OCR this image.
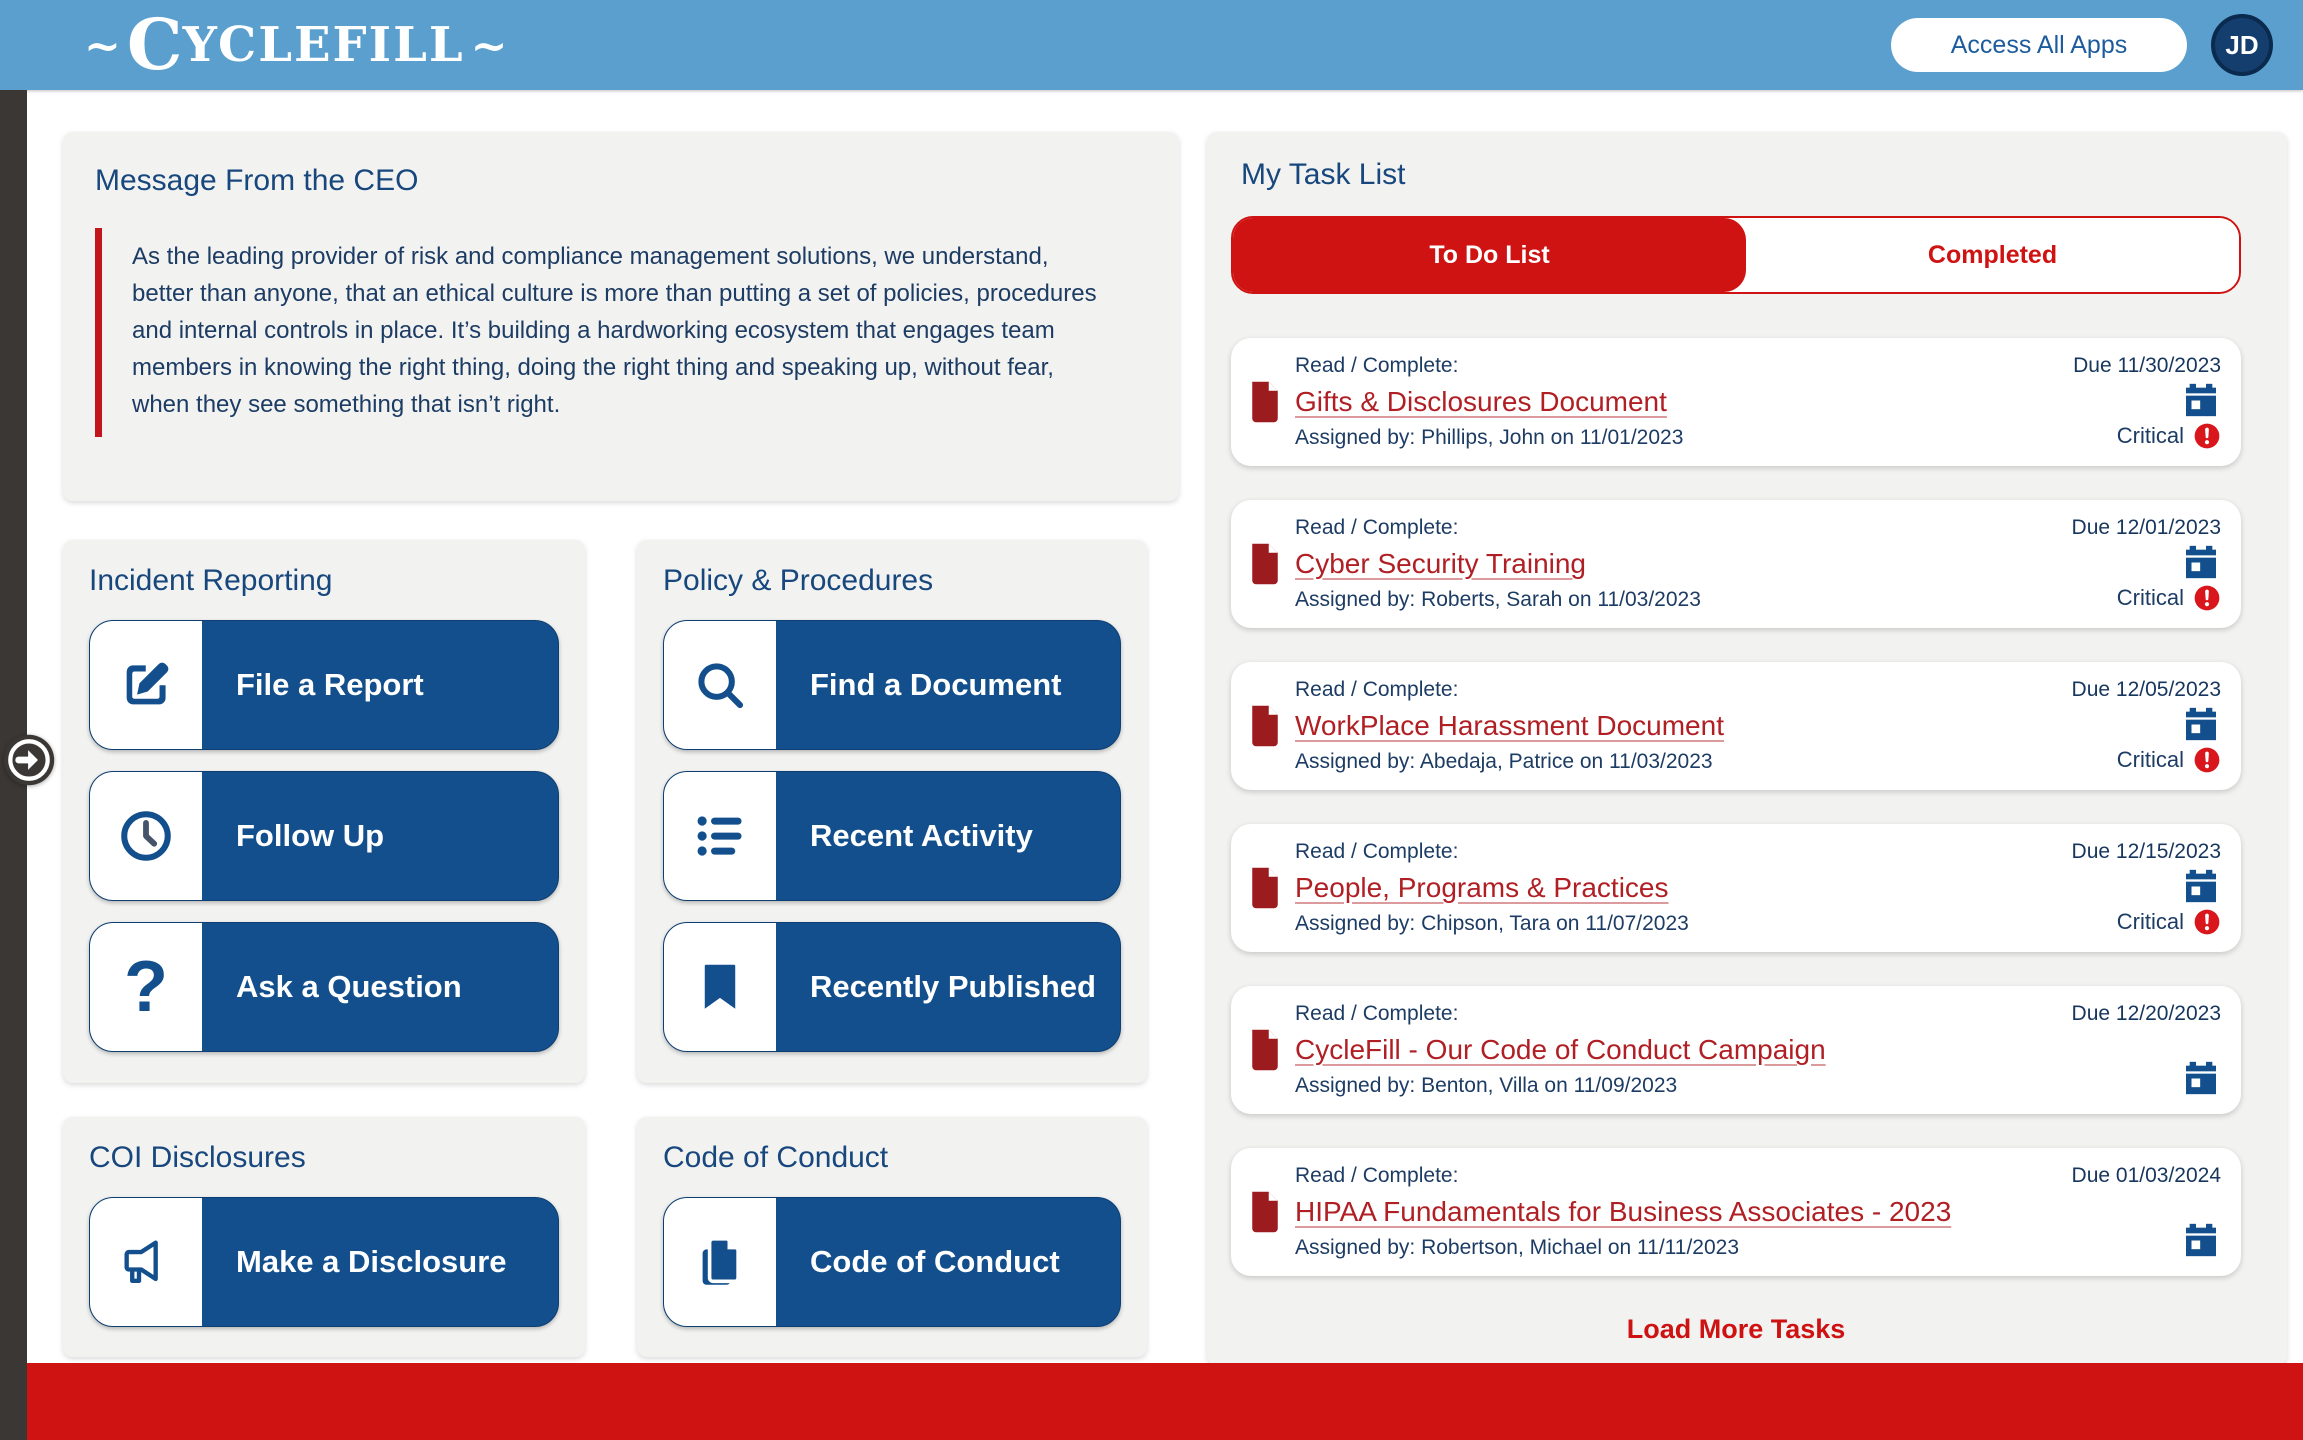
~ C YCLEFILL ~	Access All Apps	JD
Message From the CEO
As the leading provider of risk and compliance management solutions, we understand, better than anyone, that an ethical culture is more than putting a set of policies, procedures and internal controls in place. It’s building a hardworking ecosystem that engages team members in knowing the right thing, doing the right thing and speaking up, without fear, when they see something that isn’t right.
Incident Reporting
File a Report
Follow Up
?	Ask a Question
Policy & Procedures
Find a Document
Recent Activity
Recently Published
COI Disclosures
Make a Disclosure
Code of Conduct
Code of Conduct
My Task List
To Do List	Completed
Read / Complete:
Gifts & Disclosures Document
Assigned by: Phillips, John on 11/01/2023
Due 11/30/2023
Critical
Read / Complete:
Cyber Security Training
Assigned by: Roberts, Sarah on 11/03/2023
Due 12/01/2023
Critical
Read / Complete:
WorkPlace Harassment Document
Assigned by: Abedaja, Patrice on 11/03/2023
Due 12/05/2023
Critical
Read / Complete:
People, Programs & Practices
Assigned by: Chipson, Tara on 11/07/2023
Due 12/15/2023
Critical
Read / Complete:
CycleFill - Our Code of Conduct Campaign
Assigned by: Benton, Villa on 11/09/2023
Due 12/20/2023
Read / Complete:
HIPAA Fundamentals for Business Associates - 2023
Assigned by: Robertson, Michael on 11/11/2023
Due 01/03/2024
Load More Tasks
